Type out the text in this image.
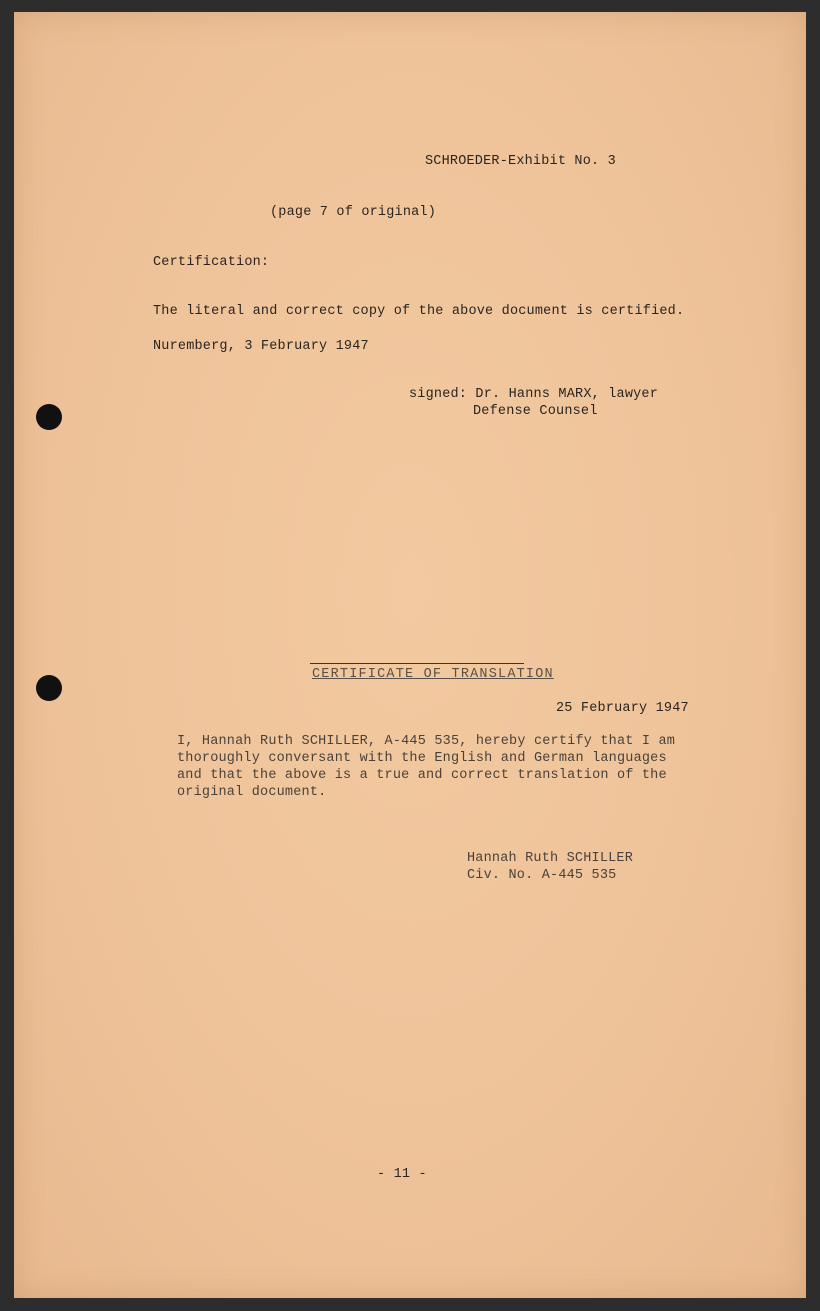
SCHROEDER-Exhibit No. 3
(page 7 of original)
Certification:
The literal and correct copy of the above document is certified.
Nuremberg, 3 February 1947
signed: Dr. Hanns MARX, lawyer
Defense Counsel
CERTIFICATE OF TRANSLATION
25 February 1947
I, Hannah Ruth SCHILLER, A-445 535, hereby certify that I am
thoroughly conversant with the English and German languages
and that the above is a true and correct translation of the
original document.
Hannah Ruth SCHILLER
Civ. No. A-445 535
- 11 -
